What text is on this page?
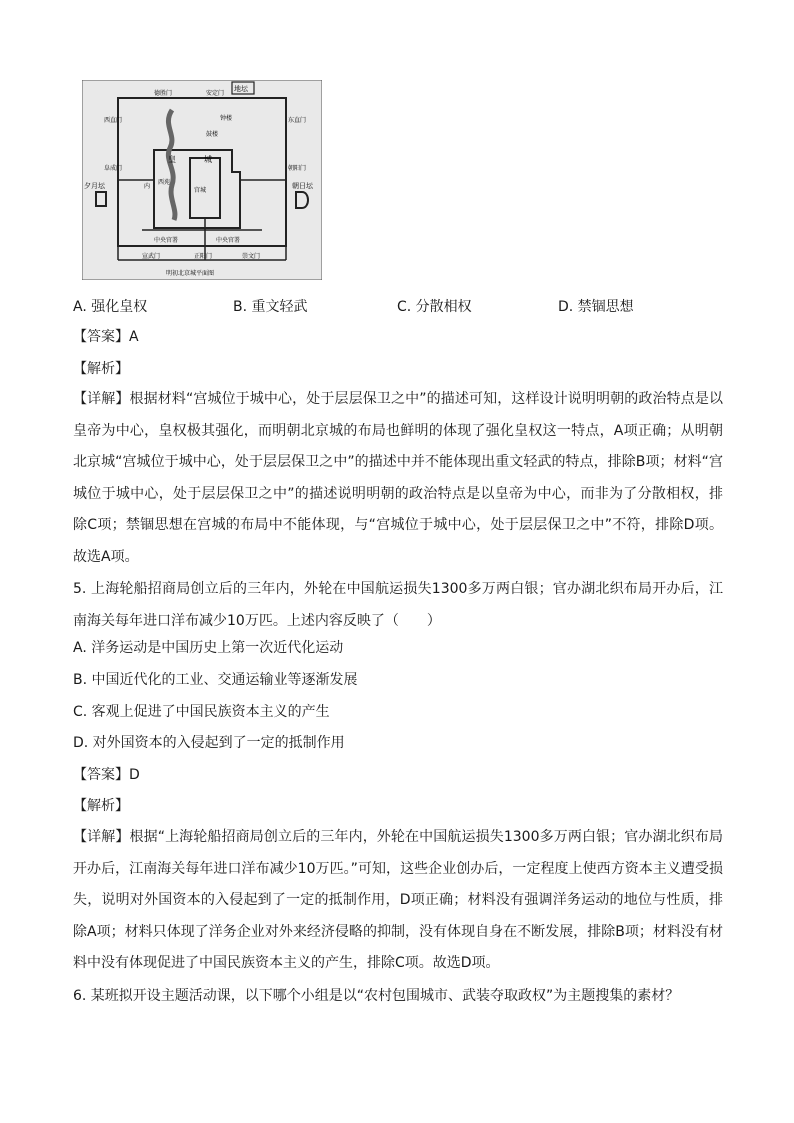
德胜门	安定门
地坛
西直门	东直门
钟楼
鼓楼
阜成门	朝阳门
夕月坛	朝日坛
皇	城
宫城
西苑
内
中央官署	中央官署
宣武门	正阳门	崇文门
明初北京城平面图
A. 强化皇权	B. 重文轻武	C. 分散相权	D. 禁锢思想
【答案】A
【解析】
【详解】根据材料“宫城位于城中心，处于层层保卫之中”的描述可知，这样设计说明明朝的政治特点是以皇帝为中心，皇权极其强化，而明朝北京城的布局也鲜明的体现了强化皇权这一特点，A项正确；从明朝北京城“宫城位于城中心，处于层层保卫之中”的描述中并不能体现出重文轻武的特点，排除B项；材料“宫城位于城中心，处于层层保卫之中”的描述说明明朝的政治特点是以皇帝为中心，而非为了分散相权，排除C项；禁锢思想在宫城的布局中不能体现，与“宫城位于城中心，处于层层保卫之中”不符，排除D项。故选A项。
5. 上海轮船招商局创立后的三年内，外轮在中国航运损失1300多万两白银；官办湖北织布局开办后，江南海关每年进口洋布减少10万匹。上述内容反映了（　　）
A. 洋务运动是中国历史上第一次近代化运动
B. 中国近代化的工业、交通运输业等逐渐发展
C. 客观上促进了中国民族资本主义的产生
D. 对外国资本的入侵起到了一定的抵制作用
【答案】D
【解析】
【详解】根据“上海轮船招商局创立后的三年内，外轮在中国航运损失1300多万两白银；官办湖北织布局开办后，江南海关每年进口洋布减少10万匹。”可知，这些企业创办后，一定程度上使西方资本主义遭受损失，说明对外国资本的入侵起到了一定的抵制作用，D项正确；材料没有强调洋务运动的地位与性质，排除A项；材料只体现了洋务企业对外来经济侵略的抑制，没有体现自身在不断发展，排除B项；材料没有材料中没有体现促进了中国民族资本主义的产生，排除C项。故选D项。
6. 某班拟开设主题活动课，以下哪个小组是以“农村包围城市、武装夺取政权”为主题搜集的素材？
